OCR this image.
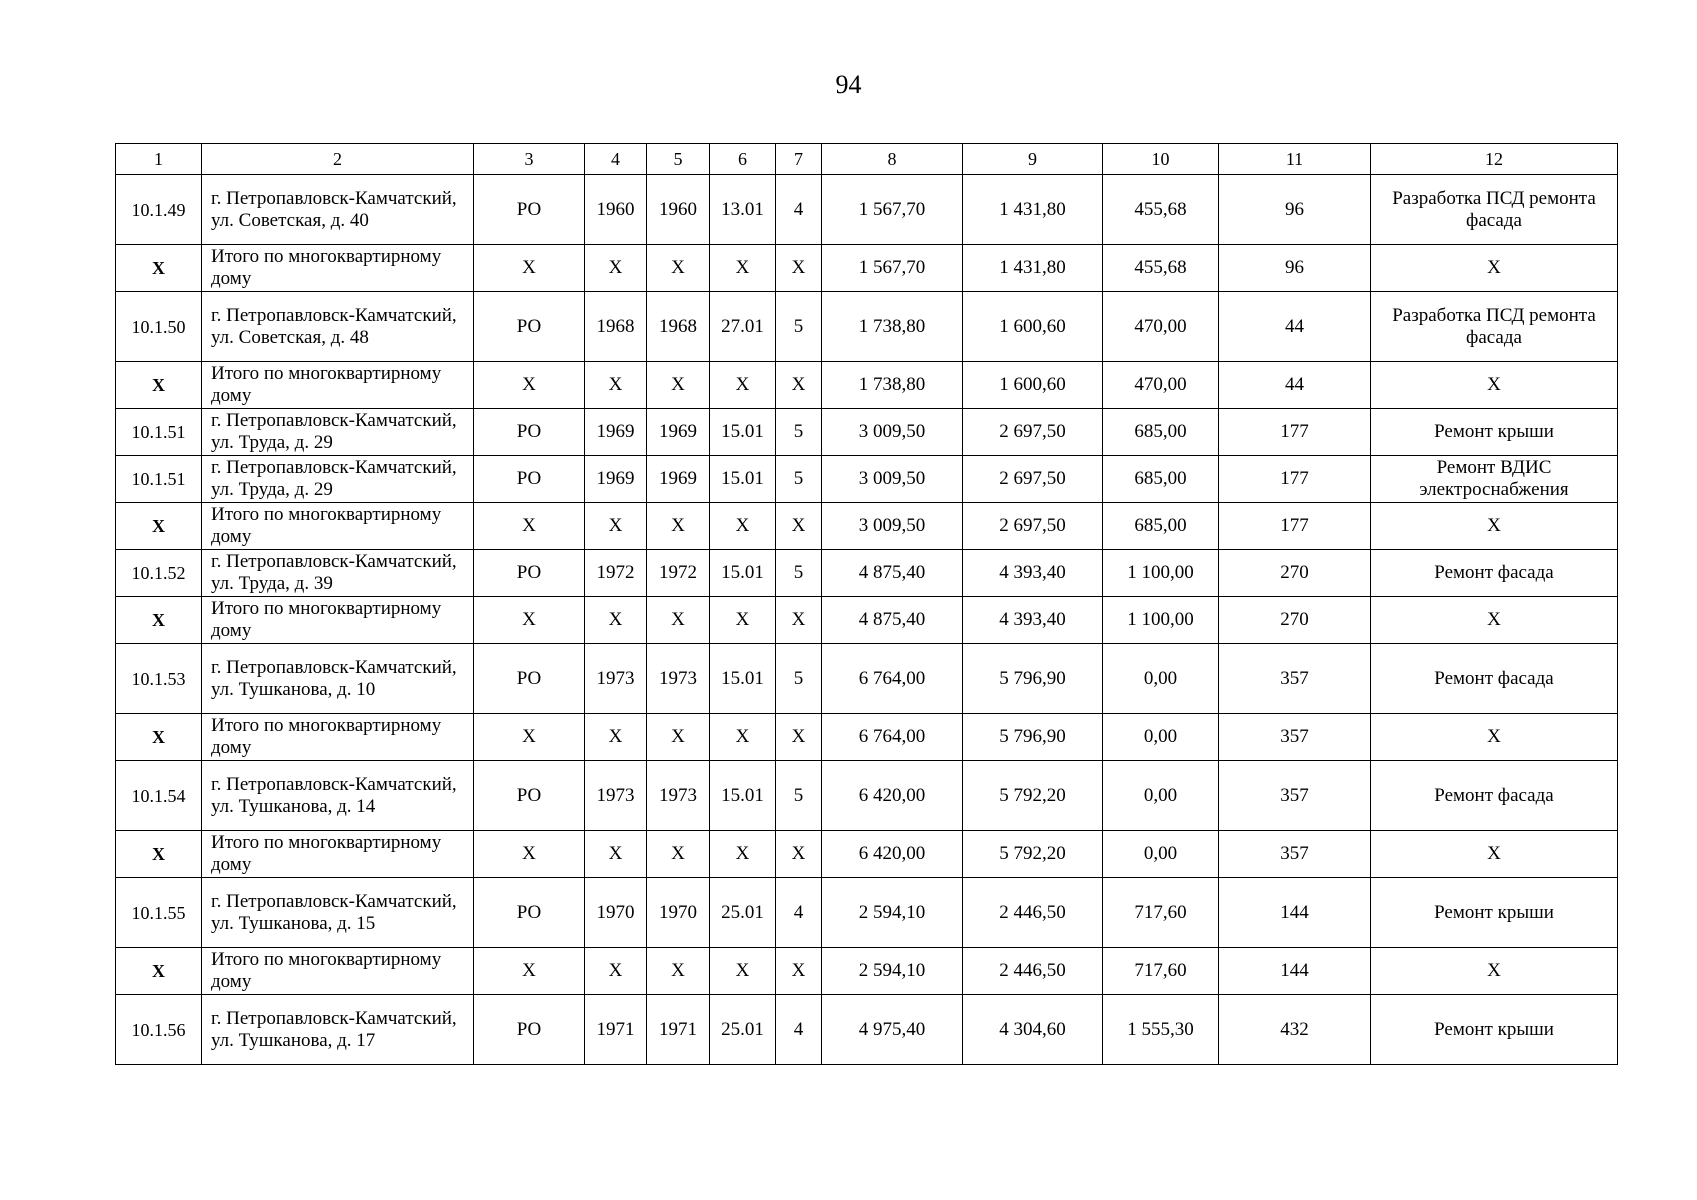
94
1	2	3	4	5	6	7	8	9	10	11	12
10.1.49	г. Петропавловск-Камчатский, ул. Советская, д. 40	РО	1960	1960	13.01	4	1 567,70	1 431,80	455,68	96	Разработка ПСД ремонта фасада
Х	Итого по многоквартирному дому	Х	Х	Х	Х	Х	1 567,70	1 431,80	455,68	96	Х
10.1.50	г. Петропавловск-Камчатский, ул. Советская, д. 48	РО	1968	1968	27.01	5	1 738,80	1 600,60	470,00	44	Разработка ПСД ремонта фасада
Х	Итого по многоквартирному дому	Х	Х	Х	Х	Х	1 738,80	1 600,60	470,00	44	Х
10.1.51	г. Петропавловск-Камчатский, ул. Труда, д. 29	РО	1969	1969	15.01	5	3 009,50	2 697,50	685,00	177	Ремонт крыши
10.1.51	г. Петропавловск-Камчатский, ул. Труда, д. 29	РО	1969	1969	15.01	5	3 009,50	2 697,50	685,00	177	Ремонт ВДИС электроснабжения
Х	Итого по многоквартирному дому	Х	Х	Х	Х	Х	3 009,50	2 697,50	685,00	177	Х
10.1.52	г. Петропавловск-Камчатский, ул. Труда, д. 39	РО	1972	1972	15.01	5	4 875,40	4 393,40	1 100,00	270	Ремонт фасада
Х	Итого по многоквартирному дому	Х	Х	Х	Х	Х	4 875,40	4 393,40	1 100,00	270	Х
10.1.53	г. Петропавловск-Камчатский, ул. Тушканова, д. 10	РО	1973	1973	15.01	5	6 764,00	5 796,90	0,00	357	Ремонт фасада
Х	Итого по многоквартирному дому	Х	Х	Х	Х	Х	6 764,00	5 796,90	0,00	357	Х
10.1.54	г. Петропавловск-Камчатский, ул. Тушканова, д. 14	РО	1973	1973	15.01	5	6 420,00	5 792,20	0,00	357	Ремонт фасада
Х	Итого по многоквартирному дому	Х	Х	Х	Х	Х	6 420,00	5 792,20	0,00	357	Х
10.1.55	г. Петропавловск-Камчатский, ул. Тушканова, д. 15	РО	1970	1970	25.01	4	2 594,10	2 446,50	717,60	144	Ремонт крыши
Х	Итого по многоквартирному дому	Х	Х	Х	Х	Х	2 594,10	2 446,50	717,60	144	Х
10.1.56	г. Петропавловск-Камчатский, ул. Тушканова, д. 17	РО	1971	1971	25.01	4	4 975,40	4 304,60	1 555,30	432	Ремонт крыши
